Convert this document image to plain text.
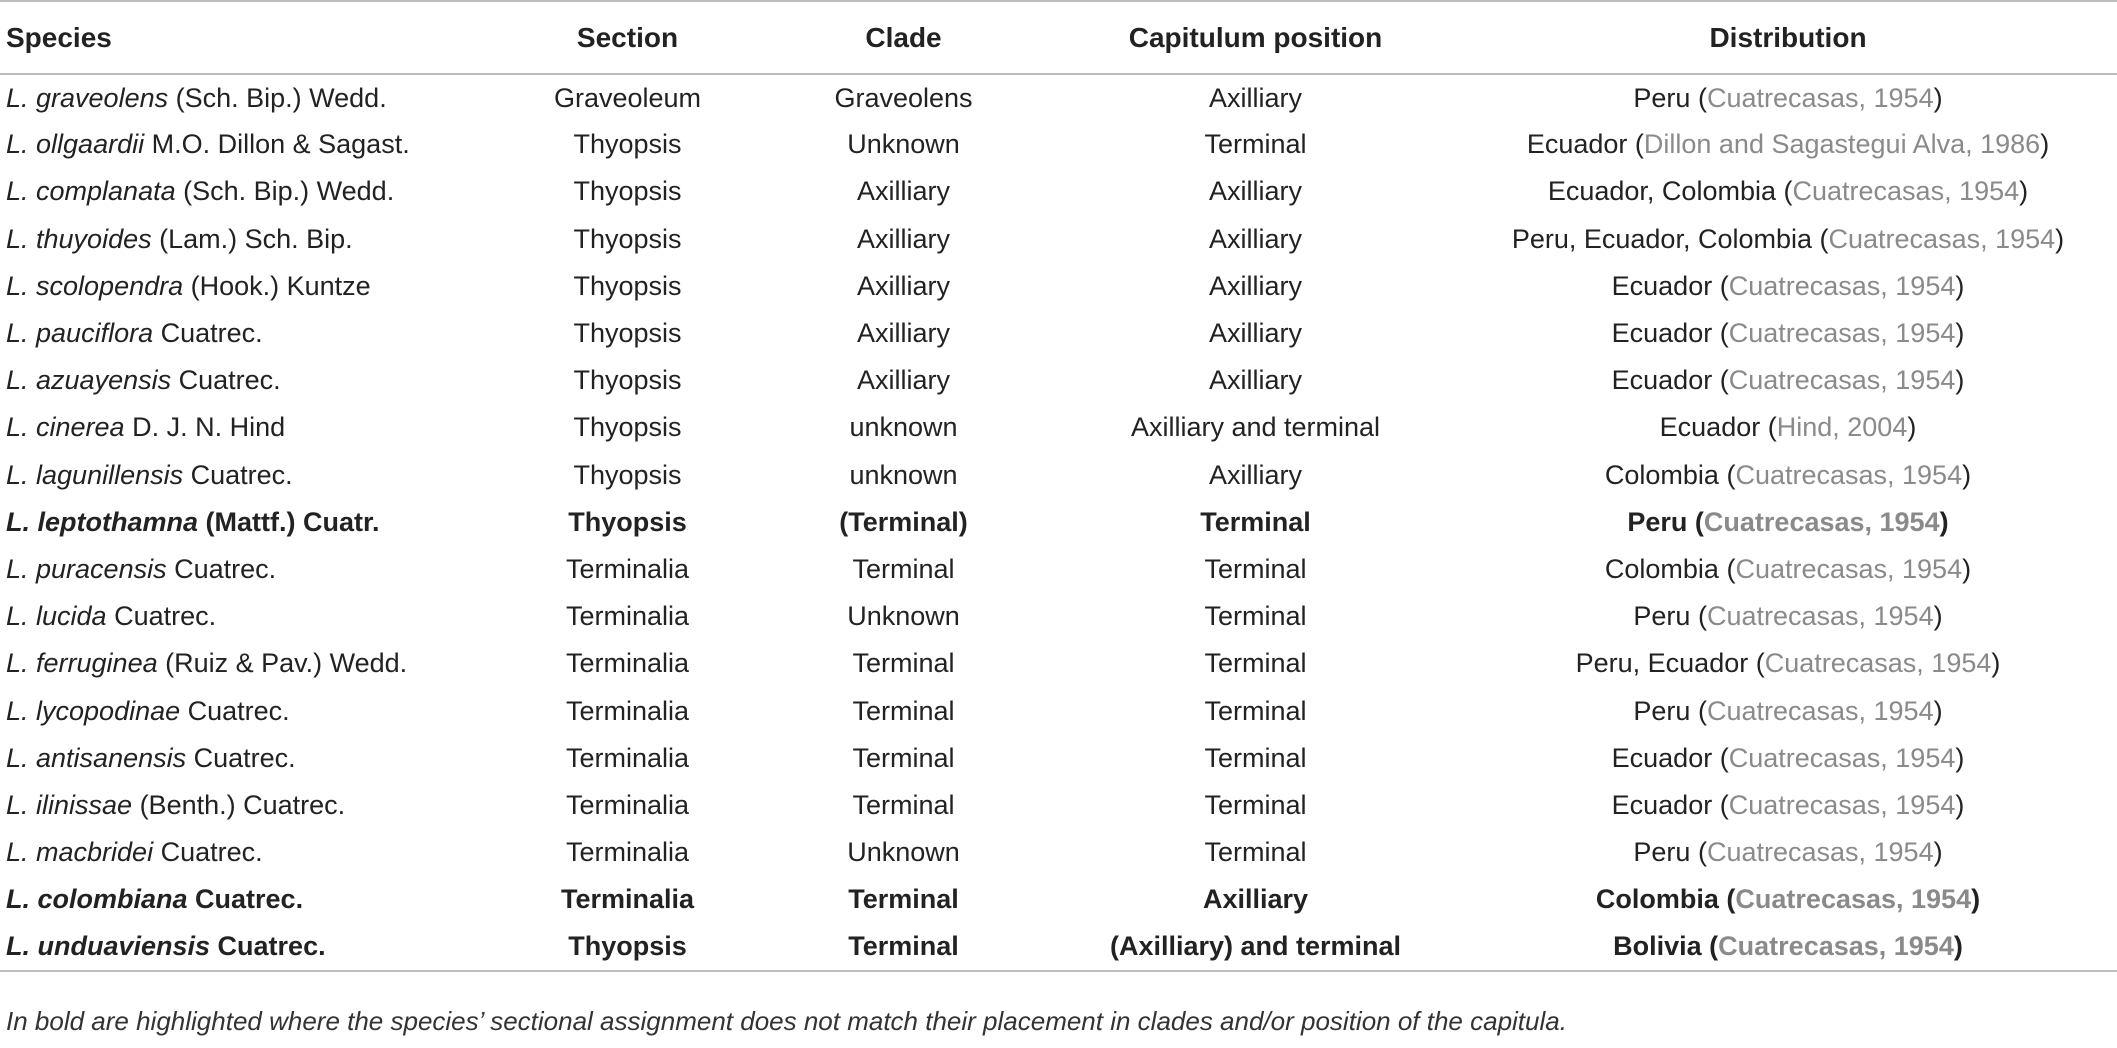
Species	Section	Clade	Capitulum position	Distribution
L. graveolens (Sch. Bip.) Wedd.	Graveoleum	Graveolens	Axilliary	Peru (Cuatrecasas, 1954)
L. ollgaardii M.O. Dillon & Sagast.	Thyopsis	Unknown	Terminal	Ecuador (Dillon and Sagastegui Alva, 1986)
L. complanata (Sch. Bip.) Wedd.	Thyopsis	Axilliary	Axilliary	Ecuador, Colombia (Cuatrecasas, 1954)
L. thuyoides (Lam.) Sch. Bip.	Thyopsis	Axilliary	Axilliary	Peru, Ecuador, Colombia (Cuatrecasas, 1954)
L. scolopendra (Hook.) Kuntze	Thyopsis	Axilliary	Axilliary	Ecuador (Cuatrecasas, 1954)
L. pauciflora Cuatrec.	Thyopsis	Axilliary	Axilliary	Ecuador (Cuatrecasas, 1954)
L. azuayensis Cuatrec.	Thyopsis	Axilliary	Axilliary	Ecuador (Cuatrecasas, 1954)
L. cinerea D. J. N. Hind	Thyopsis	unknown	Axilliary and terminal	Ecuador (Hind, 2004)
L. lagunillensis Cuatrec.	Thyopsis	unknown	Axilliary	Colombia (Cuatrecasas, 1954)
L. leptothamna (Mattf.) Cuatr.	Thyopsis	(Terminal)	Terminal	Peru (Cuatrecasas, 1954)
L. puracensis Cuatrec.	Terminalia	Terminal	Terminal	Colombia (Cuatrecasas, 1954)
L. lucida Cuatrec.	Terminalia	Unknown	Terminal	Peru (Cuatrecasas, 1954)
L. ferruginea (Ruiz & Pav.) Wedd.	Terminalia	Terminal	Terminal	Peru, Ecuador (Cuatrecasas, 1954)
L. lycopodinae Cuatrec.	Terminalia	Terminal	Terminal	Peru (Cuatrecasas, 1954)
L. antisanensis Cuatrec.	Terminalia	Terminal	Terminal	Ecuador (Cuatrecasas, 1954)
L. ilinissae (Benth.) Cuatrec.	Terminalia	Terminal	Terminal	Ecuador (Cuatrecasas, 1954)
L. macbridei Cuatrec.	Terminalia	Unknown	Terminal	Peru (Cuatrecasas, 1954)
L. colombiana Cuatrec.	Terminalia	Terminal	Axilliary	Colombia (Cuatrecasas, 1954)
L. unduaviensis Cuatrec.	Thyopsis	Terminal	(Axilliary) and terminal	Bolivia (Cuatrecasas, 1954)
In bold are highlighted where the species’ sectional assignment does not match their placement in clades and/or position of the capitula.
